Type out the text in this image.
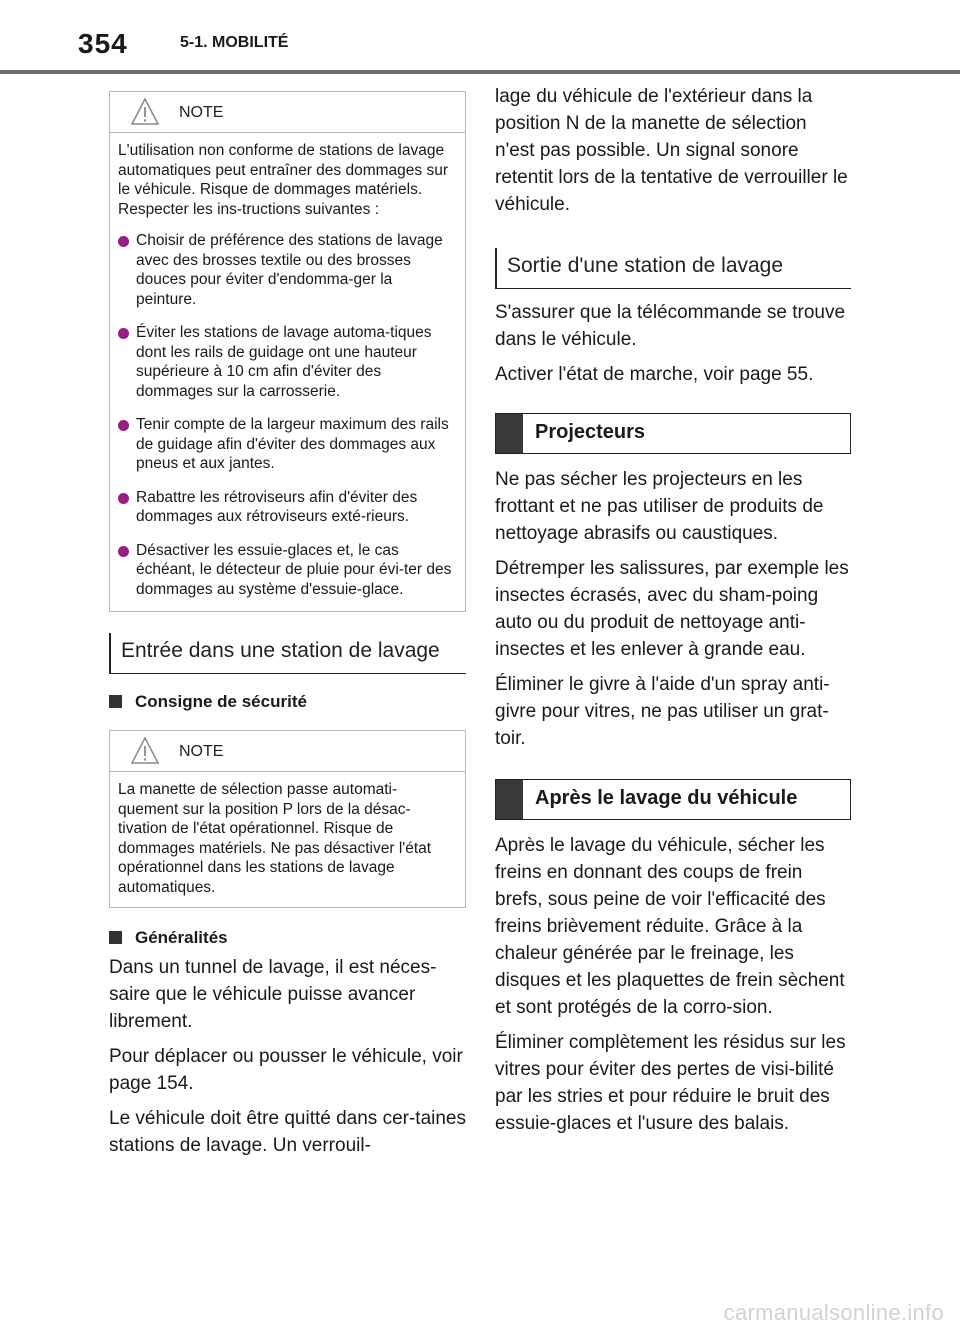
354	5-1. MOBILITÉ
NOTE

L'utilisation non conforme de stations de lavage automatiques peut entraîner des dommages sur le véhicule. Risque de dommages matériels. Respecter les ins-tructions suivantes :

Choisir de préférence des stations de lavage avec des brosses textile ou des brosses douces pour éviter d'endomma-ger la peinture.
Éviter les stations de lavage automa-tiques dont les rails de guidage ont une hauteur supérieure à 10 cm afin d'éviter des dommages sur la carrosserie.
Tenir compte de la largeur maximum des rails de guidage afin d'éviter des dommages aux pneus et aux jantes.
Rabattre les rétroviseurs afin d'éviter des dommages aux rétroviseurs exté-rieurs.
Désactiver les essuie-glaces et, le cas échéant, le détecteur de pluie pour évi-ter des dommages au système d'essuie-glace.
Entrée dans une station de lavage
Consigne de sécurité
NOTE

La manette de sélection passe automati-quement sur la position P lors de la désac-tivation de l'état opérationnel. Risque de dommages matériels. Ne pas désactiver l'état opérationnel dans les stations de lavage automatiques.

Généralités

Dans un tunnel de lavage, il est néces-saire que le véhicule puisse avancer librement.

Pour déplacer ou pousser le véhicule, voir page 154.

Le véhicule doit être quitté dans cer-taines stations de lavage. Un verrouil-

lage du véhicule de l'extérieur dans la position N de la manette de sélection n'est pas possible. Un signal sonore retentit lors de la tentative de verrouiller le véhicule.

Sortie d'une station de lavage

S'assurer que la télécommande se trouve dans le véhicule.

Activer l'état de marche, voir page 55.

Projecteurs

Ne pas sécher les projecteurs en les frottant et ne pas utiliser de produits de nettoyage abrasifs ou caustiques.

Détremper les salissures, par exemple les insectes écrasés, avec du sham-poing auto ou du produit de nettoyage anti-insectes et les enlever à grande eau.

Éliminer le givre à l'aide d'un spray anti-givre pour vitres, ne pas utiliser un grat-toir.

Après le lavage du véhicule

Après le lavage du véhicule, sécher les freins en donnant des coups de frein brefs, sous peine de voir l'efficacité des freins brièvement réduite. Grâce à la chaleur générée par le freinage, les disques et les plaquettes de frein sèchent et sont protégés de la corro-sion.

Éliminer complètement les résidus sur les vitres pour éviter des pertes de visi-bilité par les stries et pour réduire le bruit des essuie-glaces et l'usure des balais.

carmanualsonline.info
